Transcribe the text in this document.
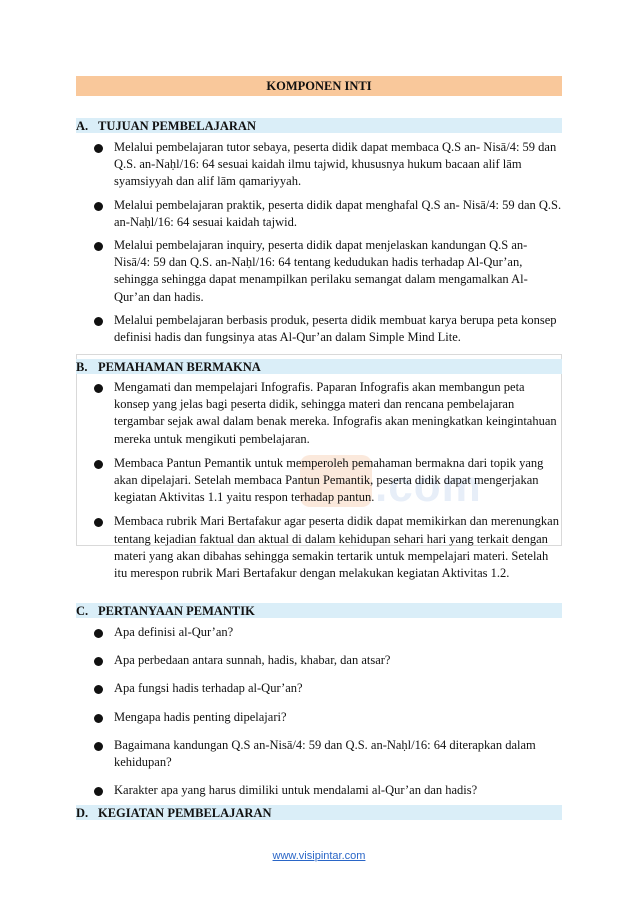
.com
KOMPONEN INTI
A. TUJUAN PEMBELAJARAN
Melalui pembelajaran tutor sebaya, peserta didik dapat membaca Q.S an- Nisā/4: 59 dan Q.S. an-Naḥl/16: 64 sesuai kaidah ilmu tajwid, khususnya hukum bacaan alif lām syamsiyyah dan alif lām qamariyyah.
Melalui pembelajaran praktik, peserta didik dapat menghafal Q.S an- Nisā/4: 59 dan Q.S. an-Naḥl/16: 64 sesuai kaidah tajwid.
Melalui pembelajaran inquiry, peserta didik dapat menjelaskan kandungan Q.S an-Nisā/4: 59 dan Q.S. an-Naḥl/16: 64 tentang kedudukan hadis terhadap Al-Qur’an, sehingga sehingga dapat menampilkan perilaku semangat dalam mengamalkan Al-Qur’an dan hadis.
Melalui pembelajaran berbasis produk, peserta didik membuat karya berupa peta konsep definisi hadis dan fungsinya atas Al-Qur’an dalam Simple Mind Lite.
B. PEMAHAMAN BERMAKNA
Mengamati dan mempelajari Infografis. Paparan Infografis akan membangun peta konsep yang jelas bagi peserta didik, sehingga materi dan rencana pembelajaran tergambar sejak awal dalam benak mereka. Infografis akan meningkatkan keingintahuan mereka untuk mengikuti pembelajaran.
Membaca Pantun Pemantik untuk memperoleh pemahaman bermakna dari topik yang akan dipelajari. Setelah membaca Pantun Pemantik, peserta didik dapat mengerjakan kegiatan Aktivitas 1.1 yaitu respon terhadap pantun.
Membaca rubrik Mari Bertafakur agar peserta didik dapat memikirkan dan merenungkan tentang kejadian faktual dan aktual di dalam kehidupan sehari hari yang terkait dengan materi yang akan dibahas sehingga semakin tertarik untuk mempelajari materi. Setelah itu merespon rubrik Mari Bertafakur dengan melakukan kegiatan Aktivitas 1.2.
C. PERTANYAAN PEMANTIK
Apa definisi al-Qur’an?
Apa perbedaan antara sunnah, hadis, khabar, dan atsar?
Apa fungsi hadis terhadap al-Qur’an?
Mengapa hadis penting dipelajari?
Bagaimana kandungan Q.S an-Nisā/4: 59 dan Q.S. an-Naḥl/16: 64 diterapkan dalam kehidupan?
Karakter apa yang harus dimiliki untuk mendalami al-Qur’an dan hadis?
D. KEGIATAN PEMBELAJARAN
www.visipintar.com
